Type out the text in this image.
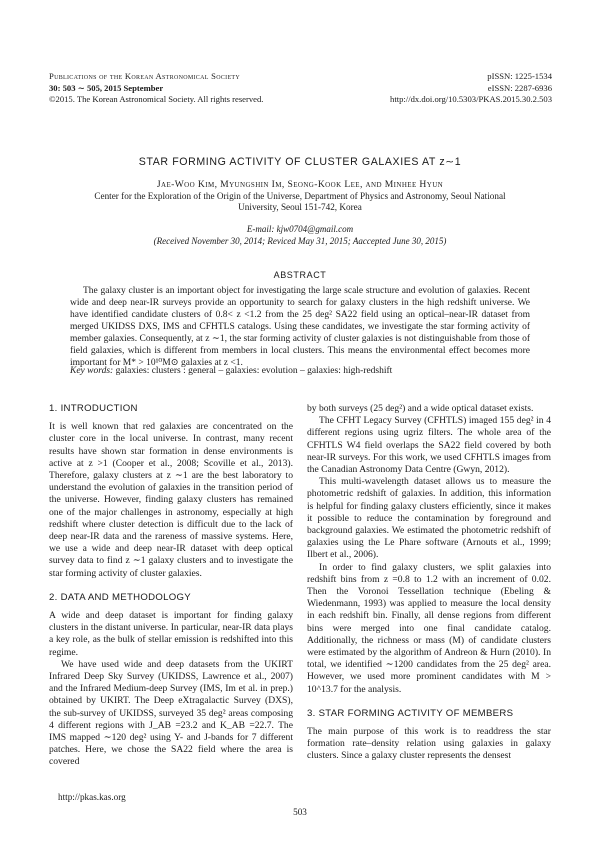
Publications of the Korean Astronomical Society
30: 503 ∼ 505, 2015 September
©2015. The Korean Astronomical Society. All rights reserved.
pISSN: 1225-1534
eISSN: 2287-6936
http://dx.doi.org/10.5303/PKAS.2015.30.2.503
STAR FORMING ACTIVITY OF CLUSTER GALAXIES AT z∼1
Jae-Woo Kim, Myungshin Im, Seong-Kook Lee, and Minhee Hyun
Center for the Exploration of the Origin of the Universe, Department of Physics and Astronomy, Seoul National
University, Seoul 151-742, Korea
E-mail: kjw0704@gmail.com
(Received November 30, 2014; Reviced May 31, 2015; Aaccepted June 30, 2015)
ABSTRACT
The galaxy cluster is an important object for investigating the large scale structure and evolution of galaxies. Recent wide and deep near-IR surveys provide an opportunity to search for galaxy clusters in the high redshift universe. We have identified candidate clusters of 0.8< z <1.2 from the 25 deg² SA22 field using an optical–near-IR dataset from merged UKIDSS DXS, IMS and CFHTLS catalogs. Using these candidates, we investigate the star forming activity of member galaxies. Consequently, at z ∼1, the star forming activity of cluster galaxies is not distinguishable from those of field galaxies, which is different from members in local clusters. This means the environmental effect becomes more important for M* > 10¹⁰M⊙ galaxies at z <1.
Key words: galaxies: clusters : general – galaxies: evolution – galaxies: high-redshift
1. INTRODUCTION

It is well known that red galaxies are concentrated on the cluster core in the local universe. In contrast, many recent results have shown star formation in dense environments is active at z >1 (Cooper et al., 2008; Scoville et al., 2013). Therefore, galaxy clusters at z ∼1 are the best laboratory to understand the evolution of galaxies in the transition period of the universe. However, finding galaxy clusters has remained one of the major challenges in astronomy, especially at high redshift where cluster detection is difficult due to the lack of deep near-IR data and the rareness of massive systems. Here, we use a wide and deep near-IR dataset with deep optical survey data to find z ∼1 galaxy clusters and to investigate the star forming activity of cluster galaxies.

2. DATA AND METHODOLOGY

A wide and deep dataset is important for finding galaxy clusters in the distant universe. In particular, near-IR data plays a key role, as the bulk of stellar emission is redshifted into this regime.

We have used wide and deep datasets from the UKIRT Infrared Deep Sky Survey (UKIDSS, Lawrence et al., 2007) and the Infrared Medium-deep Survey (IMS, Im et al. in prep.) obtained by UKIRT. The Deep eXtragalactic Survey (DXS), the sub-survey of UKIDSS, surveyed 35 deg² areas composing 4 different regions with J_AB =23.2 and K_AB =22.7. The IMS mapped ∼120 deg² using Y- and J-bands for 7 different patches. Here, we chose the SA22 field where the area is covered

by both surveys (25 deg²) and a wide optical dataset exists.

The CFHT Legacy Survey (CFHTLS) imaged 155 deg² in 4 different regions using ugriz filters. The whole area of the CFHTLS W4 field overlaps the SA22 field covered by both near-IR surveys. For this work, we used CFHTLS images from the Canadian Astronomy Data Centre (Gwyn, 2012).

This multi-wavelength dataset allows us to measure the photometric redshift of galaxies. In addition, this information is helpful for finding galaxy clusters efficiently, since it makes it possible to reduce the contamination by foreground and background galaxies. We estimated the photometric redshift of galaxies using the Le Phare software (Arnouts et al., 1999; Ilbert et al., 2006).

In order to find galaxy clusters, we split galaxies into redshift bins from z =0.8 to 1.2 with an increment of 0.02. Then the Voronoi Tessellation technique (Ebeling & Wiedenmann, 1993) was applied to measure the local density in each redshift bin. Finally, all dense regions from different bins were merged into one final candidate catalog. Additionally, the richness or mass (M) of candidate clusters were estimated by the algorithm of Andreon & Hurn (2010). In total, we identified ∼1200 candidates from the 25 deg² area. However, we used more prominent candidates with M > 10^13.7 for the analysis.

3. STAR FORMING ACTIVITY OF MEMBERS

The main purpose of this work is to readdress the star formation rate–density relation using galaxies in galaxy clusters. Since a galaxy cluster represents the densest

http://pkas.kas.org
503
